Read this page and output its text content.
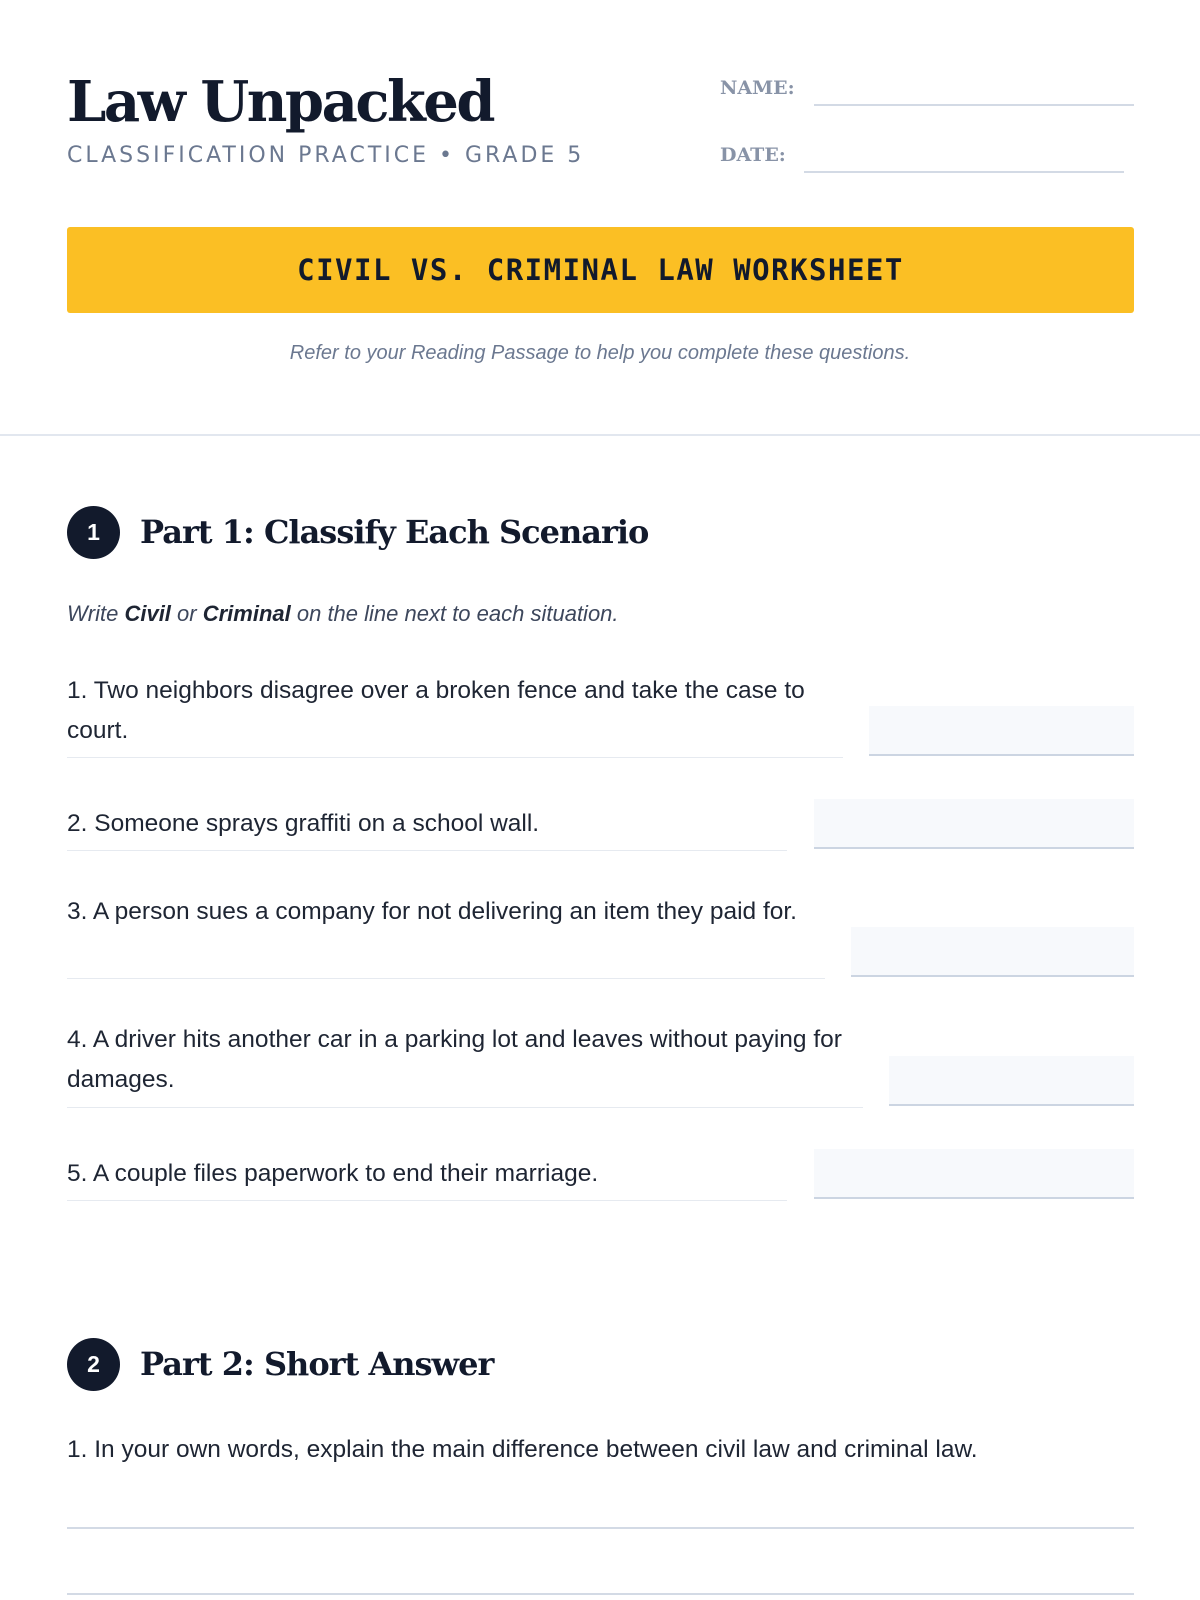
Law Unpacked
CLASSIFICATION PRACTICE • GRADE 5
NAME:
DATE:
CIVIL VS. CRIMINAL LAW WORKSHEET
Refer to your Reading Passage to help you complete these questions.
1	Part 1: Classify Each Scenario
Write Civil or Criminal on the line next to each situation.

1. Two neighbors disagree over a broken fence and take the case to court.

2. Someone sprays graffiti on a school wall.

3. A person sues a company for not delivering an item they paid for.

4. A driver hits another car in a parking lot and leaves without paying for damages.

5. A couple files paperwork to end their marriage.

2	Part 2: Short Answer

1. In your own words, explain the main difference between civil law and criminal law.
